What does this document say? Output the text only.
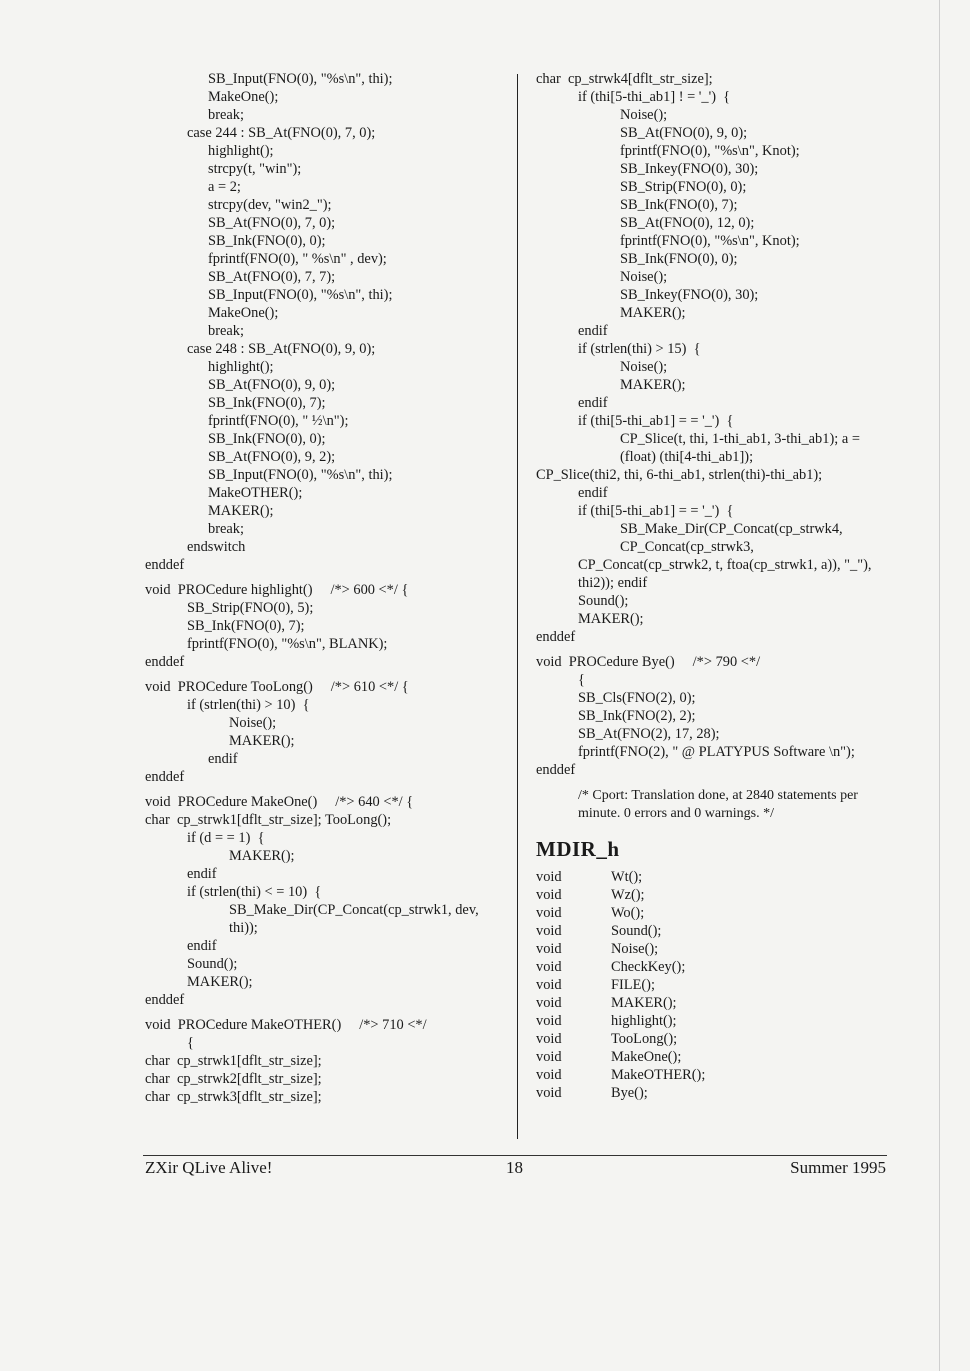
SB_Input(FNO(0), "%s\n", thi);
MakeOne();
break;
case 244 : SB_At(FNO(0), 7, 0);
highlight();
strcpy(t, "win");
a = 2;
strcpy(dev, "win2_");
SB_At(FNO(0), 7, 0);
SB_Ink(FNO(0), 0);
fprintf(FNO(0), " %s\n" , dev);
SB_At(FNO(0), 7, 7);
SB_Input(FNO(0), "%s\n", thi);
MakeOne();
break;
case 248 : SB_At(FNO(0), 9, 0);
highlight();
SB_At(FNO(0), 9, 0);
SB_Ink(FNO(0), 7);
fprintf(FNO(0), " ½\n");
SB_Ink(FNO(0), 0);
SB_At(FNO(0), 9, 2);
SB_Input(FNO(0), "%s\n", thi);
MakeOTHER();
MAKER();
break;
endswitch
enddef
void  PROCedure highlight()     /*> 600 <*/ {
SB_Strip(FNO(0), 5);
SB_Ink(FNO(0), 7);
fprintf(FNO(0), "%s\n", BLANK);
enddef
void  PROCedure TooLong()     /*> 610 <*/ {
if (strlen(thi) > 10)  {
Noise();
MAKER();
endif
enddef
void  PROCedure MakeOne()     /*> 640 <*/ {
char  cp_strwk1[dflt_str_size]; TooLong();
if (d = = 1)  {
MAKER();
endif
if (strlen(thi) < = 10)  {
SB_Make_Dir(CP_Concat(cp_strwk1, dev,
thi));
endif
Sound();
MAKER();
enddef
void  PROCedure MakeOTHER()     /*> 710 <*/
{
char  cp_strwk1[dflt_str_size];
char  cp_strwk2[dflt_str_size];
char  cp_strwk3[dflt_str_size];
char  cp_strwk4[dflt_str_size];
if (thi[5-thi_ab1] ! = '_')  {
Noise();
SB_At(FNO(0), 9, 0);
fprintf(FNO(0), "%s\n", Knot);
SB_Inkey(FNO(0), 30);
SB_Strip(FNO(0), 0);
SB_Ink(FNO(0), 7);
SB_At(FNO(0), 12, 0);
fprintf(FNO(0), "%s\n", Knot);
SB_Ink(FNO(0), 0);
Noise();
SB_Inkey(FNO(0), 30);
MAKER();
endif
if (strlen(thi) > 15)  {
Noise();
MAKER();
endif
if (thi[5-thi_ab1] = = '_')  {
CP_Slice(t, thi, 1-thi_ab1, 3-thi_ab1); a =
(float) (thi[4-thi_ab1]);
CP_Slice(thi2, thi, 6-thi_ab1, strlen(thi)-thi_ab1);
endif
if (thi[5-thi_ab1] = = '_')  {
SB_Make_Dir(CP_Concat(cp_strwk4,
CP_Concat(cp_strwk3,
CP_Concat(cp_strwk2, t, ftoa(cp_strwk1, a)), "_"),
thi2)); endif
Sound();
MAKER();
enddef
void  PROCedure Bye()     /*> 790 <*/
{
SB_Cls(FNO(2), 0);
SB_Ink(FNO(2), 2);
SB_At(FNO(2), 17, 28);
fprintf(FNO(2), " @ PLATYPUS Software \n");
enddef
/* Cport: Translation done, at 2840 statements per minute. 0 errors and 0 warnings. */
MDIR_h
void	Wt();
void	Wz();
void	Wo();
void	Sound();
void	Noise();
void	CheckKey();
void	FILE();
void	MAKER();
void	highlight();
void	TooLong();
void	MakeOne();
void	MakeOTHER();
void	Bye();
ZXir QLive Alive!	18	Summer 1995
